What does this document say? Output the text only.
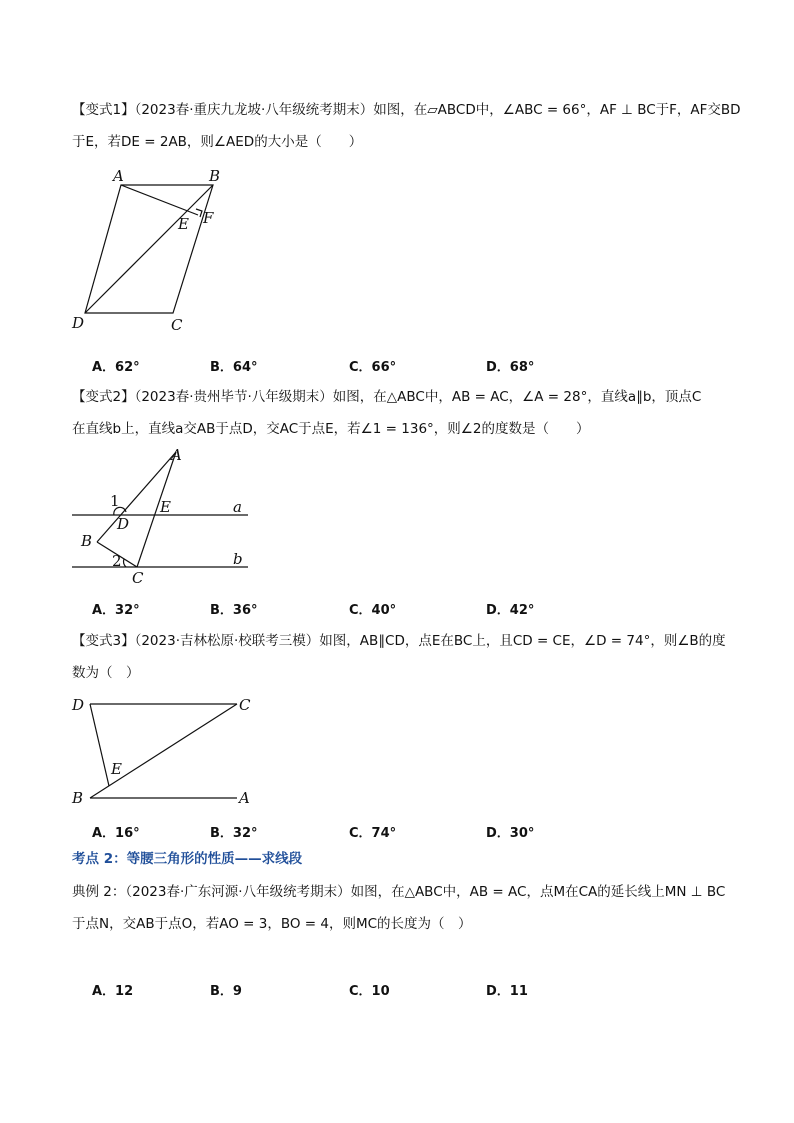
【变式1】（2023春·重庆九龙坡·八年级统考期末）如图，在▱ABCD中，∠ABC = 66°，AF ⊥ BC于F，AF交BD
于E，若DE = 2AB，则∠AED的大小是（　　）
A	B
C
D
E F
A．62°	B．64°	C．66°	D．68°
【变式2】（2023春·贵州毕节·八年级期末）如图，在△ABC中，AB = AC，∠A = 28°，直线a∥b，顶点C
在直线b上，直线a交AB于点D，交AC于点E，若∠1 = 136°，则∠2的度数是（　　）
A
B
C
D
E	a
b
1
2
A．32°	B．36°	C．40°	D．42°
【变式3】（2023·吉林松原·校联考三模）如图，AB∥CD，点E在BC上，且CD = CE，∠D = 74°，则∠B的度
数为（　）
D	C
E
B	A
A．16°	B．32°	C．74°	D．30°
考点 2：等腰三角形的性质——求线段
典例 2：（2023春·广东河源·八年级统考期末）如图，在△ABC中，AB = AC，点M在CA的延长线上MN ⊥ BC
于点N，交AB于点O，若AO = 3，BO = 4，则MC的长度为（　）
A．12	B．9	C．10	D．11
